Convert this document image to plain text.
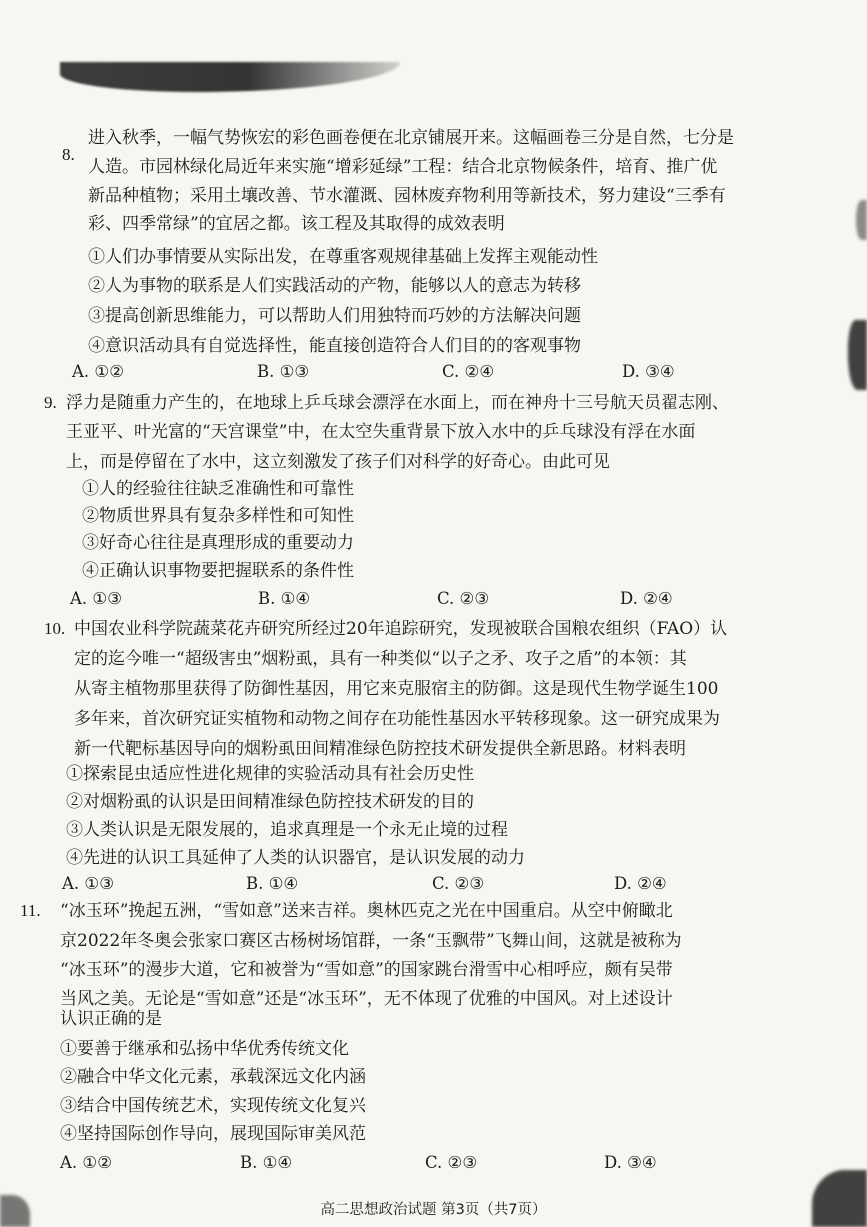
8.
进入秋季，一幅气势恢宏的彩色画卷便在北京铺展开来。这幅画卷三分是自然，七分是
人造。市园林绿化局近年来实施“增彩延绿”工程：结合北京物候条件，培育、推广优
新品种植物；采用土壤改善、节水灌溉、园林废弃物利用等新技术，努力建设“三季有
彩、四季常绿”的宜居之都。该工程及其取得的成效表明
①人们办事情要从实际出发，在尊重客观规律基础上发挥主观能动性
②人为事物的联系是人们实践活动的产物，能够以人的意志为转移
③提高创新思维能力，可以帮助人们用独特而巧妙的方法解决问题
④意识活动具有自觉选择性，能直接创造符合人们目的的客观事物
A. ①②	B. ①③	C. ②④	D. ③④
9. 浮力是随重力产生的，在地球上乒乓球会漂浮在水面上，而在神舟十三号航天员翟志刚、
王亚平、叶光富的“天宫课堂”中，在太空失重背景下放入水中的乒乓球没有浮在水面
上，而是停留在了水中，这立刻激发了孩子们对科学的好奇心。由此可见
①人的经验往往缺乏准确性和可靠性
②物质世界具有复杂多样性和可知性
③好奇心往往是真理形成的重要动力
④正确认识事物要把握联系的条件性
A. ①③	B. ①④	C. ②③	D. ②④
10. 中国农业科学院蔬菜花卉研究所经过20年追踪研究，发现被联合国粮农组织（FAO）认
定的迄今唯一“超级害虫”烟粉虱，具有一种类似“以子之矛、攻子之盾”的本领：其
从寄主植物那里获得了防御性基因，用它来克服宿主的防御。这是现代生物学诞生100
多年来，首次研究证实植物和动物之间存在功能性基因水平转移现象。这一研究成果为
新一代靶标基因导向的烟粉虱田间精准绿色防控技术研发提供全新思路。材料表明
①探索昆虫适应性进化规律的实验活动具有社会历史性
②对烟粉虱的认识是田间精准绿色防控技术研发的目的
③人类认识是无限发展的，追求真理是一个永无止境的过程
④先进的认识工具延伸了人类的认识器官，是认识发展的动力
A. ①③	B. ①④	C. ②③	D. ②④
11. “冰玉环”挽起五洲，“雪如意”送来吉祥。奥林匹克之光在中国重启。从空中俯瞰北
京2022年冬奥会张家口赛区古杨树场馆群，一条“玉飘带”飞舞山间，这就是被称为
“冰玉环”的漫步大道，它和被誉为“雪如意”的国家跳台滑雪中心相呼应，颇有吴带
当风之美。无论是“雪如意”还是“冰玉环”，无不体现了优雅的中国风。对上述设计
认识正确的是
①要善于继承和弘扬中华优秀传统文化
②融合中华文化元素，承载深远文化内涵
③结合中国传统艺术，实现传统文化复兴
④坚持国际创作导向，展现国际审美风范
A. ①②	B. ①④	C. ②③	D. ③④
高二思想政治试题 第3页（共7页）
